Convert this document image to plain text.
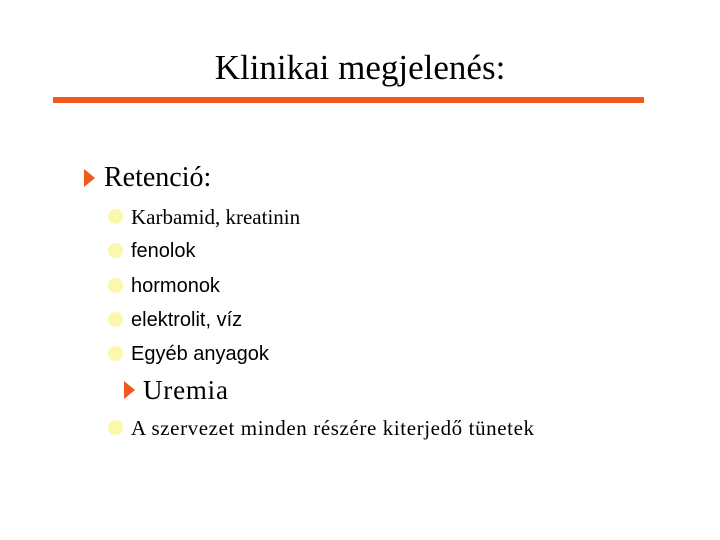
Klinikai megjelenés:
Retenció:
Karbamid, kreatinin
fenolok
hormonok
elektrolit, víz
Egyéb anyagok
Uremia
A szervezet minden részére kiterjedő tünetek
